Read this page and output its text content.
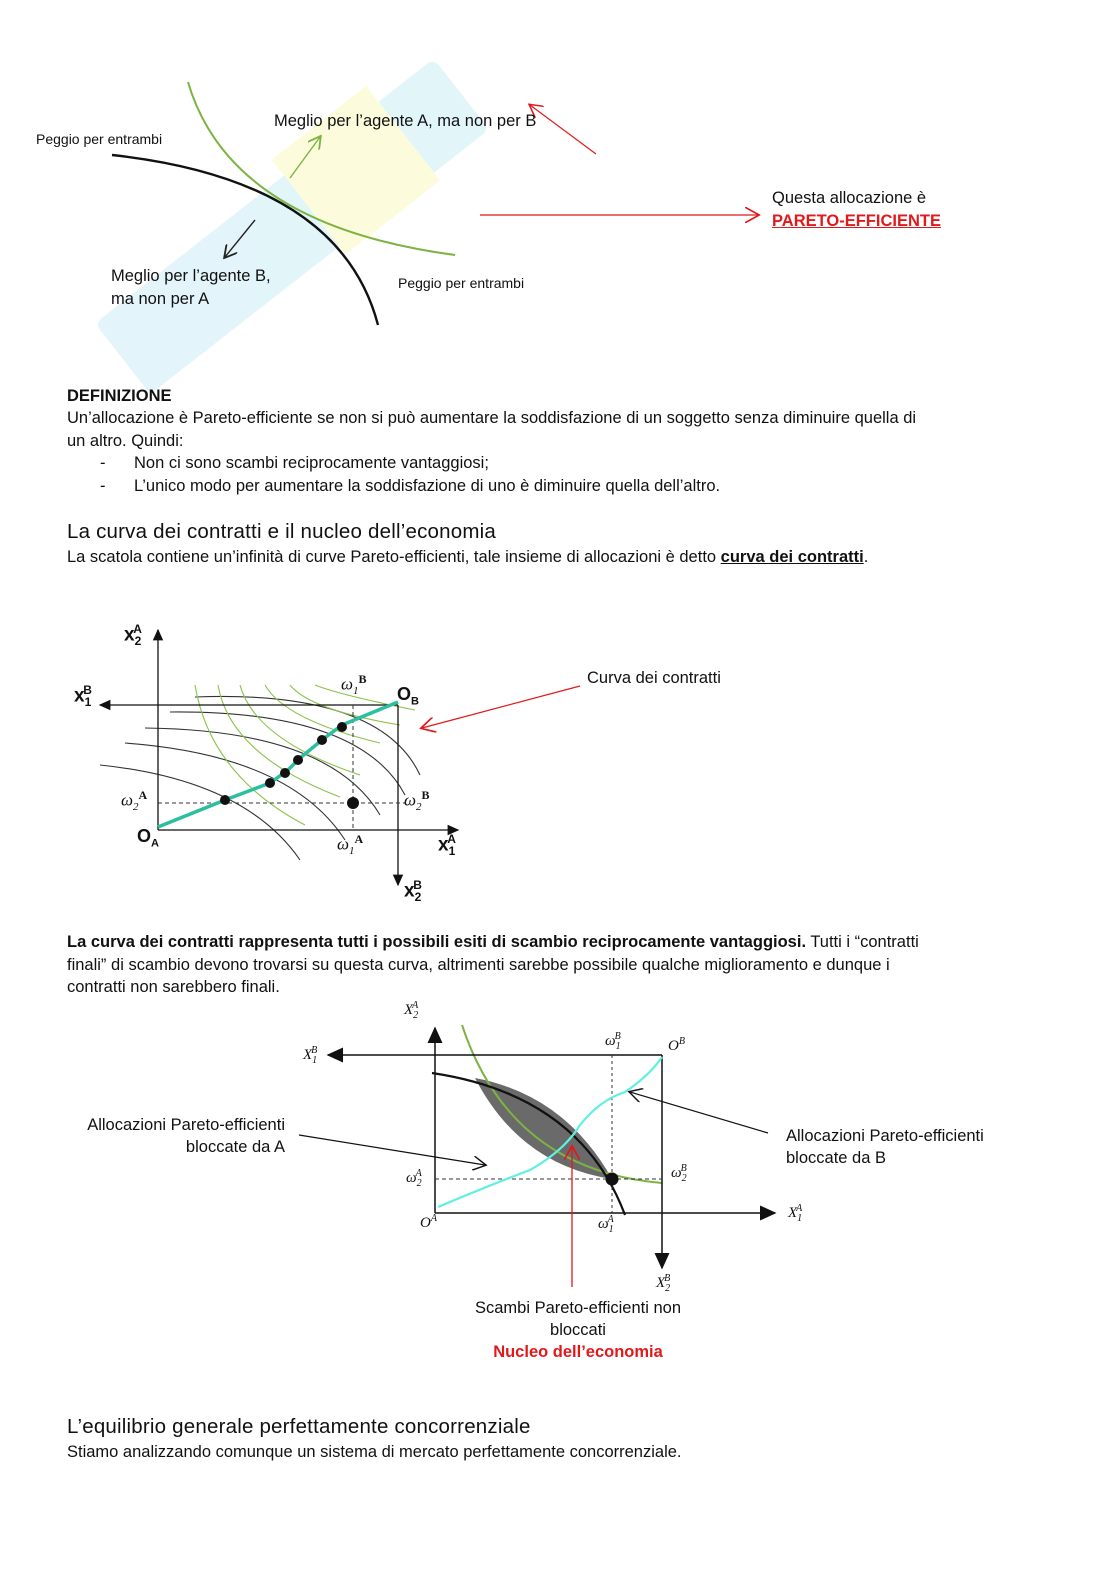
Meglio per l’agente A, ma non per B
Peggio per entrambi
Meglio per l’agente B,
ma non per A
Peggio per entrambi
Questa allocazione è
PARETO-EFFICIENTE
DEFINIZIONE
Un’allocazione è Pareto-efficiente se non si può aumentare la soddisfazione di un soggetto senza diminuire quella di
un altro. Quindi:
- Non ci sono scambi reciprocamente vantaggiosi;
- L’unico modo per aumentare la soddisfazione di uno è diminuire quella dell’altro.
La curva dei contratti e il nucleo dell’economia
La scatola contiene un’infinità di curve Pareto-efficienti, tale insieme di allocazioni è detto curva dei contratti.
$x_2^A$
$x_1^B$
$x_1^A$
$x_2^B$
$O_A$
$O_B$
$\omega_1^B$
$\omega_2^A$	$\omega_2^B$
$\omega_1^A$
Curva dei contratti
La curva dei contratti rappresenta tutti i possibili esiti di scambio reciprocamente vantaggiosi. Tutti i “contratti
finali” di scambio devono trovarsi su questa curva, altrimenti sarebbe possibile qualche miglioramento e dunque i
contratti non sarebbero finali.
$X_2^A$
$X_1^B$
$X_1^A$
$X_2^B$
$O^B$
$O^A$
$\omega_1^B$
$\omega_2^A$	$\omega_2^B$
$\omega_1^A$
Allocazioni Pareto-efficienti
bloccate da A
Allocazioni Pareto-efficienti
bloccate da B
Scambi Pareto-efficienti non
bloccati
Nucleo dell’economia
L’equilibrio generale perfettamente concorrenziale
Stiamo analizzando comunque un sistema di mercato perfettamente concorrenziale.
